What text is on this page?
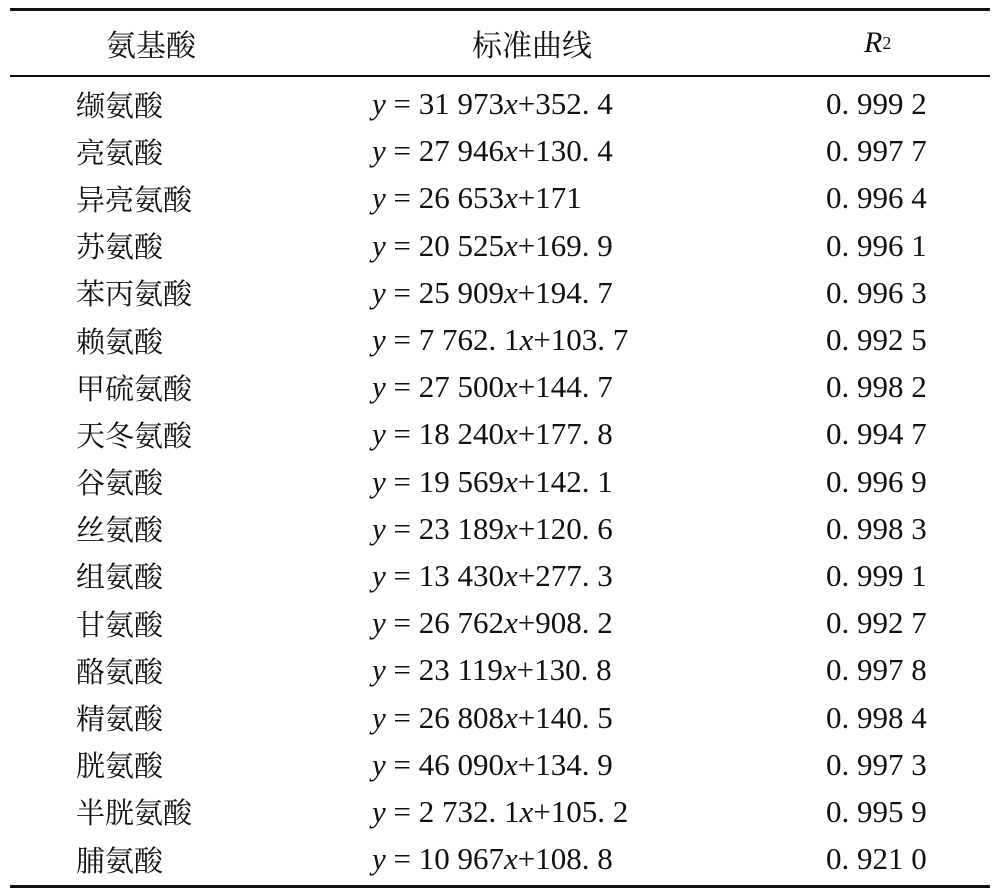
氨基酸	标准曲线	R 2
缬氨酸	y = 31 973 x +352. 4	0. 999 2
亮氨酸	y = 27 946 x +130. 4	0. 997 7
异亮氨酸	y = 26 653 x +171	0. 996 4
苏氨酸	y = 20 525 x +169. 9	0. 996 1
苯丙氨酸	y = 25 909 x +194. 7	0. 996 3
赖氨酸	y = 7 762. 1 x +103. 7	0. 992 5
甲硫氨酸	y = 27 500 x +144. 7	0. 998 2
天冬氨酸	y = 18 240 x +177. 8	0. 994 7
谷氨酸	y = 19 569 x +142. 1	0. 996 9
丝氨酸	y = 23 189 x +120. 6	0. 998 3
组氨酸	y = 13 430 x +277. 3	0. 999 1
甘氨酸	y = 26 762 x +908. 2	0. 992 7
酪氨酸	y = 23 119 x +130. 8	0. 997 8
精氨酸	y = 26 808 x +140. 5	0. 998 4
胱氨酸	y = 46 090 x +134. 9	0. 997 3
半胱氨酸	y = 2 732. 1 x +105. 2	0. 995 9
脯氨酸	y = 10 967 x +108. 8	0. 921 0
